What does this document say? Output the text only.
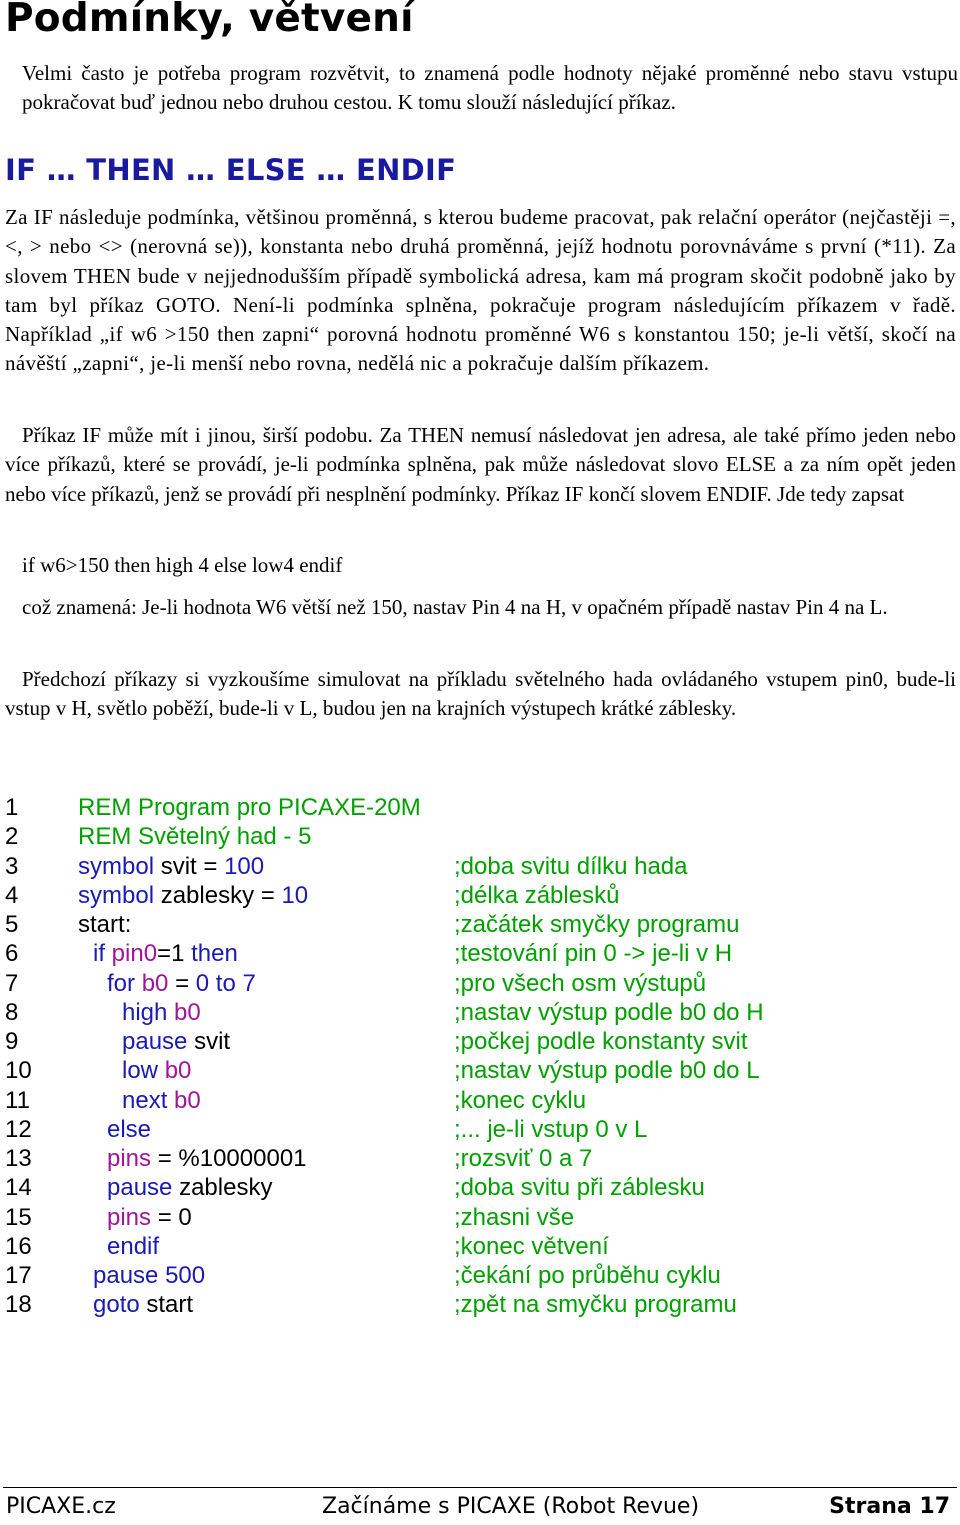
Podmínky, větvení

Velmi často je potřeba program rozvětvit, to znamená podle hodnoty nějaké proměnné nebo stavu vstupu pokračovat buď jednou nebo druhou cestou. K tomu slouží následující příkaz.

IF … THEN … ELSE … ENDIF

Za IF následuje podmínka, většinou proměnná, s kterou budeme pracovat, pak relační operátor (nejčastěji =, <, > nebo <> (nerovná se)), konstanta nebo druhá proměnná, jejíž hodnotu porovnáváme s první (*11). Za slovem THEN bude v nejjednodušším případě symbolická adresa, kam má program skočit podobně jako by tam byl příkaz GOTO. Není-li podmínka splněna, pokračuje program následujícím příkazem v řadě. Například „if w6 >150 then zapni“ porovná hodnotu proměnné W6 s konstantou 150; je-li větší, skočí na návěští „zapni“, je-li menší nebo rovna, nedělá nic a pokračuje dalším příkazem.

Příkaz IF může mít i jinou, širší podobu. Za THEN nemusí následovat jen adresa, ale také přímo jeden nebo více příkazů, které se provádí, je-li podmínka splněna, pak může následovat slovo ELSE a za ním opět jeden nebo více příkazů, jenž se provádí při nesplnění podmínky. Příkaz IF končí slovem ENDIF. Jde tedy zapsat

if w6>150 then high 4 else low4 endif

což znamená: Je-li hodnota W6 větší než 150, nastav Pin 4 na H, v opačném případě nastav Pin 4 na L.

Předchozí příkazy si vyzkoušíme simulovat na příkladu světelného hada ovládaného vstupem pin0, bude-li vstup v H, světlo poběží, bude-li v L, budou jen na krajních výstupech krátké záblesky.

1 REM Program pro PICAXE-20M
2 REM Světelný had - 5
3 symbol svit = 100	;doba svitu dílku hada
4 symbol zablesky = 10	;délka záblesků
5 start:	;začátek smyčky programu
6	if pin0=1 then	;testování pin 0 -> je-li v H
7	for b0 = 0 to 7	;pro všech osm výstupů
8	high b0	;nastav výstup podle b0 do H
9	pause svit	;počkej podle konstanty svit
10	low b0	;nastav výstup podle b0 do L
11	next b0	;konec cyklu
12	else	;... je-li vstup 0 v L
13	pins = %10000001	;rozsviť 0 a 7
14	pause zablesky	;doba svitu při záblesku
15	pins = 0	;zhasni vše
16	endif	;konec větvení
17	pause 500	;čekání po průběhu cyklu
18	goto start	;zpět na smyčku programu
PICAXE.cz	Začínáme s PICAXE (Robot Revue)	Strana 17
